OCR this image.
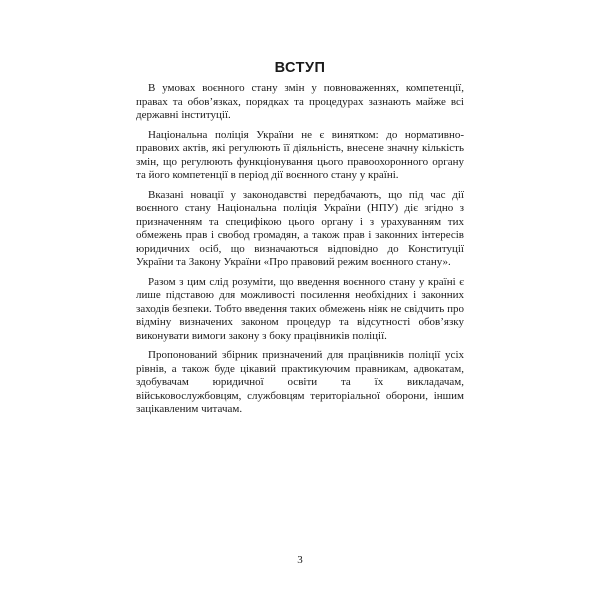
ВСТУП

В умовах воєнного стану змін у повноваженнях, компетенції, правах та обов’язках, порядках та процедурах зазнають майже всі державні інституції.

Національна поліція України не є винятком: до нормативно-правових актів, які регулюють її діяльність, внесене значну кількість змін, що регулюють функціонування цього правоохоронного органу та його компетенції в період дії воєнного стану у країні.

Вказані новації у законодавстві передбачають, що під час дії воєнного стану Національна поліція України (НПУ) діє згідно з призначенням та специфікою цього органу і з урахуванням тих обмежень прав і свобод громадян, а також прав і законних інтересів юридичних осіб, що визначаються відповідно до Конституції України та Закону України «Про правовий режим воєнного стану».

Разом з цим слід розуміти, що введення воєнного стану у країні є лише підставою для можливості посилення необхідних і законних заходів безпеки. Тобто введення таких обмежень ніяк не свідчить про відміну визначених законом процедур та відсутності обов’язку виконувати вимоги закону з боку працівників поліції.

Пропонований збірник призначений для працівників поліції усіх рівнів, а також буде цікавий практикуючим правникам, адвокатам, здобувачам юридичної освіти та їх викладачам, військовослужбовцям, службовцям територіальної оборони, іншим зацікавленим читачам.

3
